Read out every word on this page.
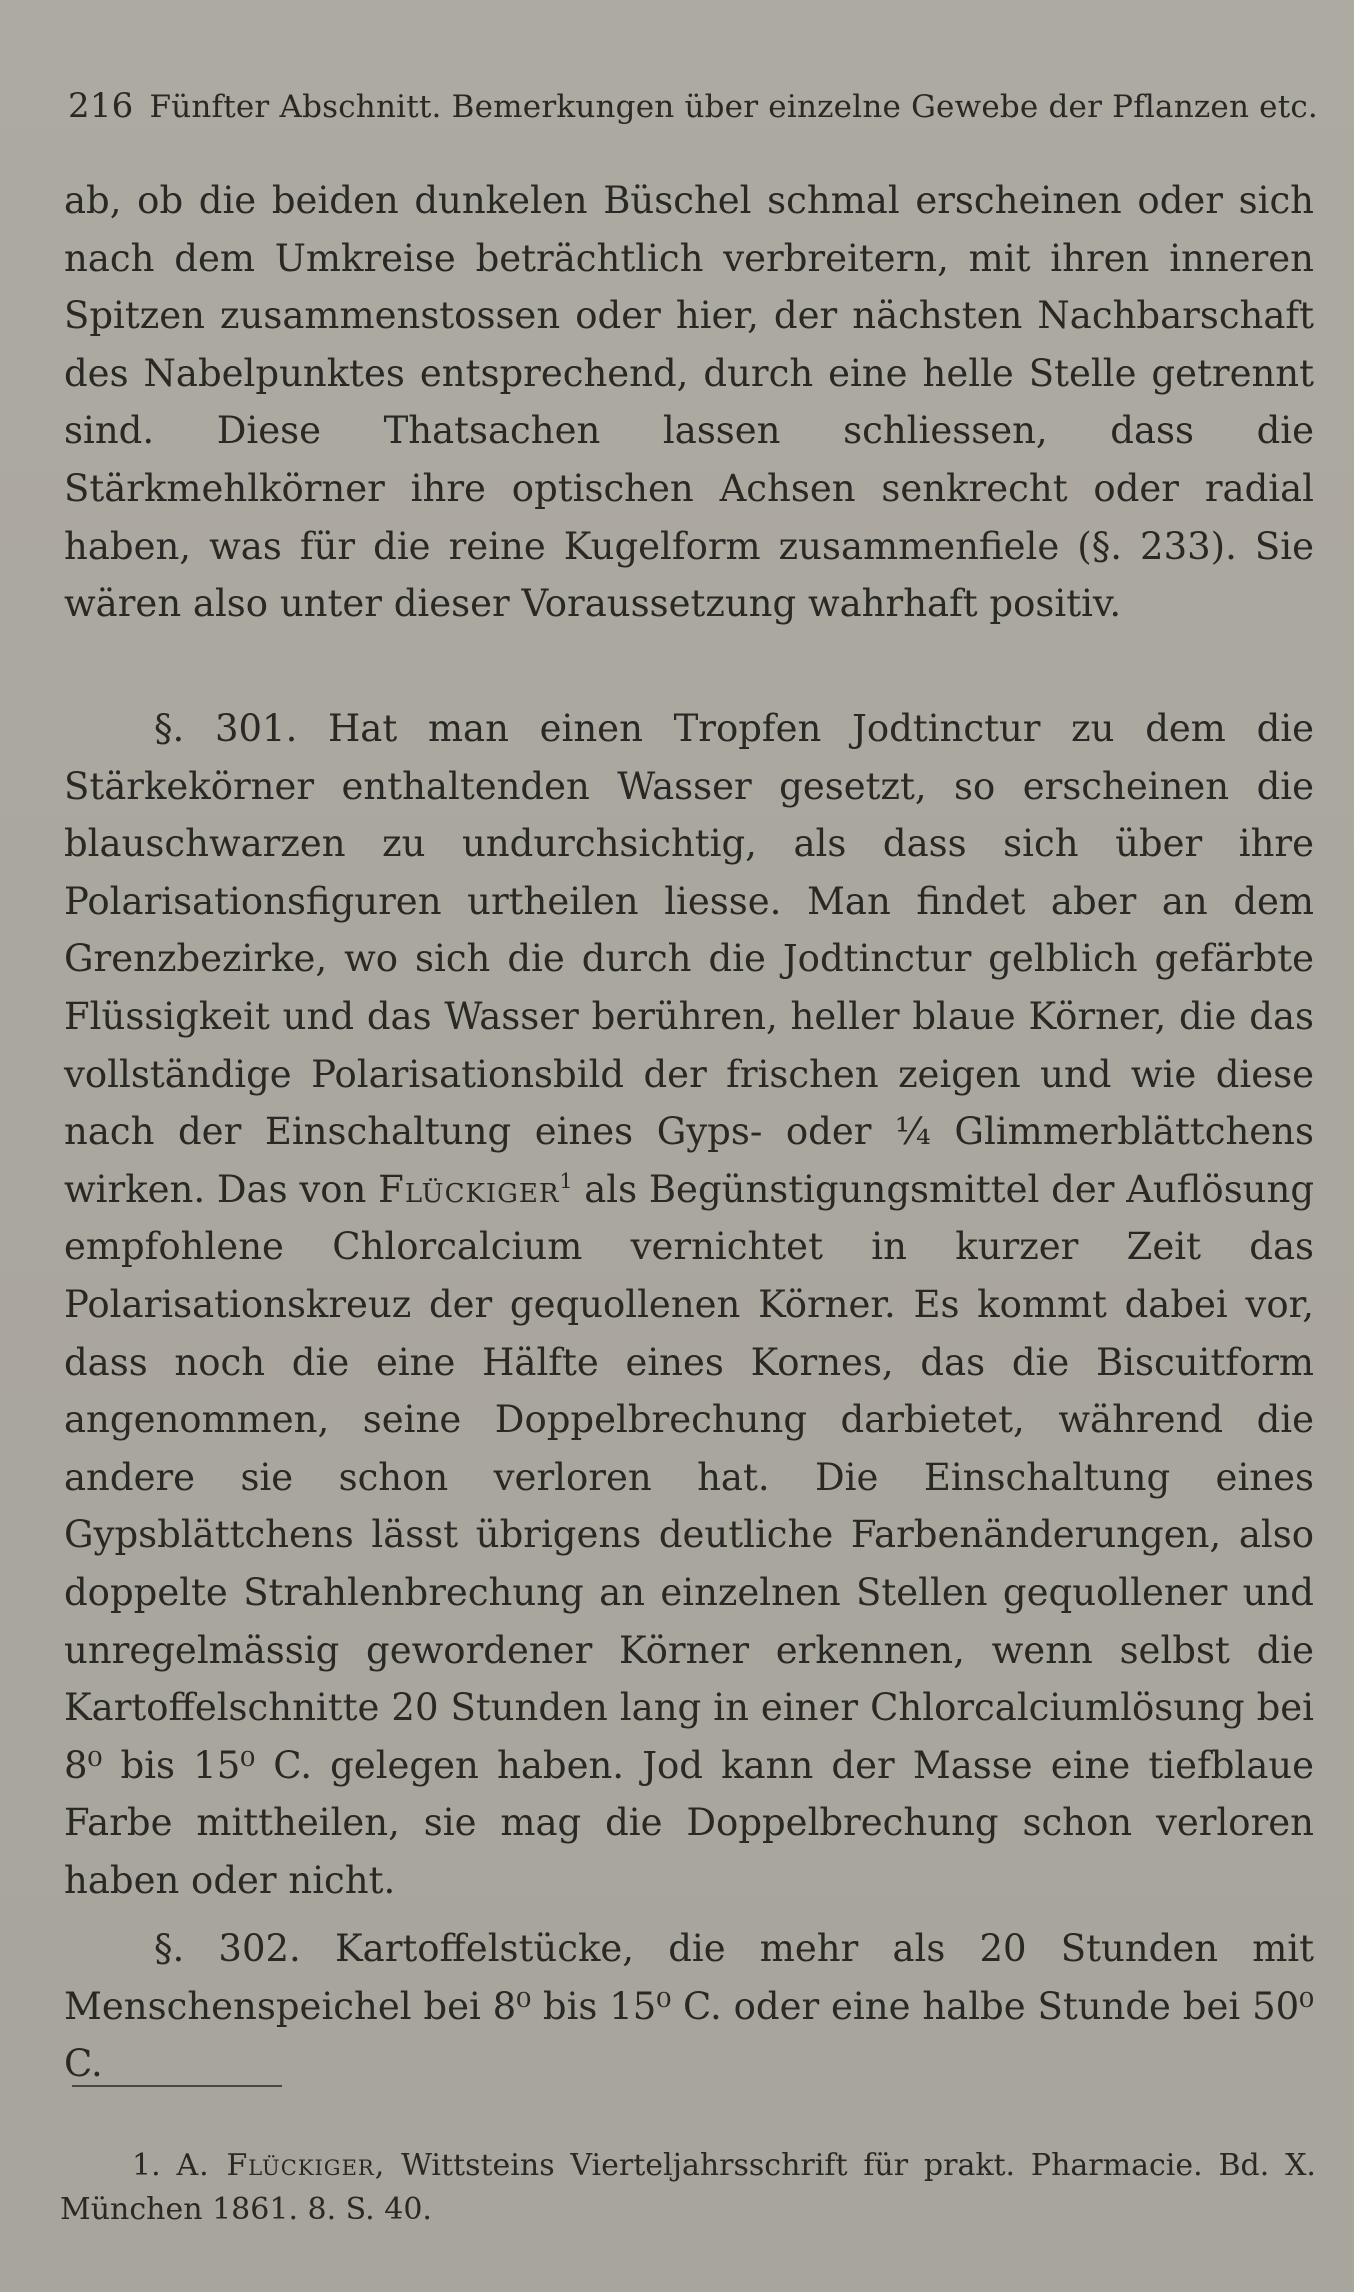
216 Fünfter Abschnitt. Bemerkungen über einzelne Gewebe der Pflanzen etc.
ab, ob die beiden dunkelen Büschel schmal erscheinen oder sich nach dem Umkreise beträchtlich verbreitern, mit ihren inneren Spitzen zusammenstossen oder hier, der nächsten Nachbarschaft des Nabelpunktes entsprechend, durch eine helle Stelle getrennt sind. Diese Thatsachen lassen schliessen, dass die Stärkmehlkörner ihre optischen Achsen senkrecht oder radial haben, was für die reine Kugelform zusammenfiele (§. 233). Sie wären also unter dieser Voraussetzung wahrhaft positiv.
§. 301. Hat man einen Tropfen Jodtinctur zu dem die Stärkekörner enthaltenden Wasser gesetzt, so erscheinen die blauschwarzen zu undurchsichtig, als dass sich über ihre Polarisationsfiguren urtheilen liesse. Man findet aber an dem Grenzbezirke, wo sich die durch die Jodtinctur gelblich gefärbte Flüssigkeit und das Wasser berühren, heller blaue Körner, die das vollständige Polarisationsbild der frischen zeigen und wie diese nach der Einschaltung eines Gyps- oder ¼ Glimmerblättchens wirken. Das von Flückiger$^1$ als Begünstigungsmittel der Auflösung empfohlene Chlorcalcium vernichtet in kurzer Zeit das Polarisationskreuz der gequollenen Körner. Es kommt dabei vor, dass noch die eine Hälfte eines Kornes, das die Biscuitform angenommen, seine Doppelbrechung darbietet, während die andere sie schon verloren hat. Die Einschaltung eines Gypsblättchens lässt übrigens deutliche Farbenänderungen, also doppelte Strahlenbrechung an einzelnen Stellen gequollener und unregelmässig gewordener Körner erkennen, wenn selbst die Kartoffelschnitte 20 Stunden lang in einer Chlorcalciumlösung bei 8⁰ bis 15⁰ C. gelegen haben. Jod kann der Masse eine tiefblaue Farbe mittheilen, sie mag die Doppelbrechung schon verloren haben oder nicht.
§. 302. Kartoffelstücke, die mehr als 20 Stunden mit Menschenspeichel bei 8⁰ bis 15⁰ C. oder eine halbe Stunde bei 50⁰ C.
1. A. Flückiger, Wittsteins Vierteljahrsschrift für prakt. Pharmacie. Bd. X. München 1861. 8. S. 40.
